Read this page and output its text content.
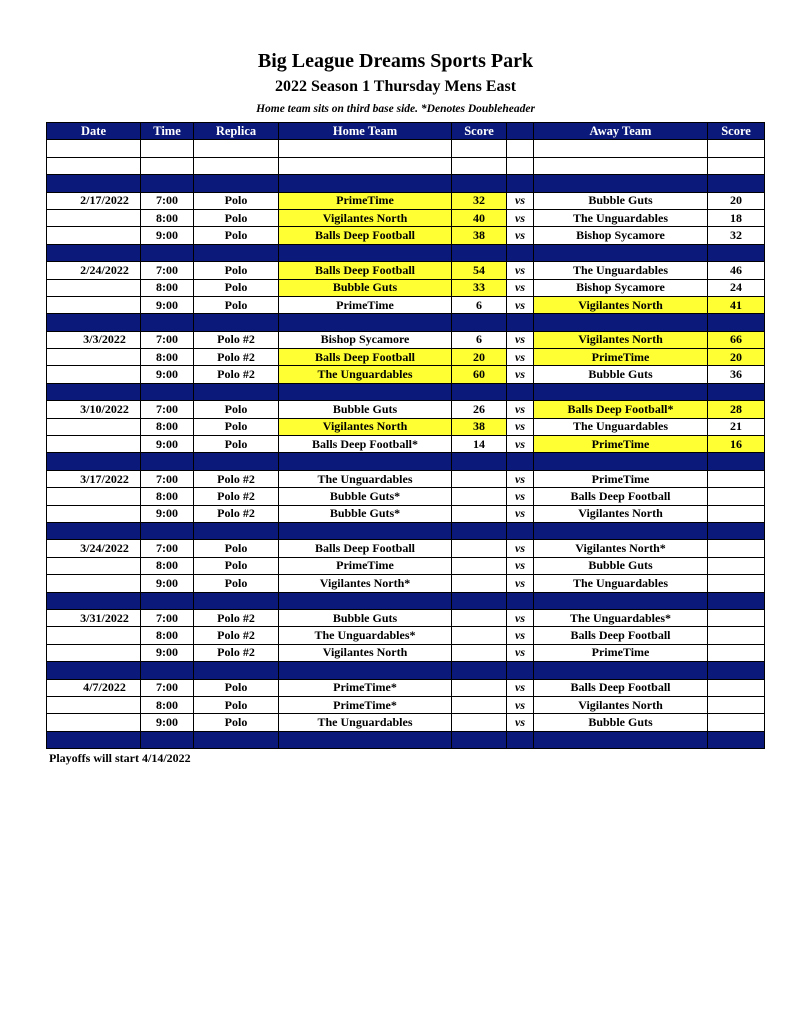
Big League Dreams Sports Park
2022 Season 1 Thursday Mens East
Home team sits on third base side. *Denotes Doubleheader
Date	Time	Replica	Home Team	Score		Away Team	Score

2/17/2022	7:00	Polo	PrimeTime	32	vs	Bubble Guts	20
	8:00	Polo	Vigilantes North	40	vs	The Unguardables	18
	9:00	Polo	Balls Deep Football	38	vs	Bishop Sycamore	32

2/24/2022	7:00	Polo	Balls Deep Football	54	vs	The Unguardables	46
	8:00	Polo	Bubble Guts	33	vs	Bishop Sycamore	24
	9:00	Polo	PrimeTime	6	vs	Vigilantes North	41

3/3/2022	7:00	Polo #2	Bishop Sycamore	6	vs	Vigilantes North	66
	8:00	Polo #2	Balls Deep Football	20	vs	PrimeTime	20
	9:00	Polo #2	The Unguardables	60	vs	Bubble Guts	36

3/10/2022	7:00	Polo	Bubble Guts	26	vs	Balls Deep Football*	28
	8:00	Polo	Vigilantes North	38	vs	The Unguardables	21
	9:00	Polo	Balls Deep Football*	14	vs	PrimeTime	16

3/17/2022	7:00	Polo #2	The Unguardables		vs	PrimeTime	
	8:00	Polo #2	Bubble Guts*		vs	Balls Deep Football	
	9:00	Polo #2	Bubble Guts*		vs	Vigilantes North	

3/24/2022	7:00	Polo	Balls Deep Football		vs	Vigilantes North*	
	8:00	Polo	PrimeTime		vs	Bubble Guts	
	9:00	Polo	Vigilantes North*		vs	The Unguardables	

3/31/2022	7:00	Polo #2	Bubble Guts		vs	The Unguardables*	
	8:00	Polo #2	The Unguardables*		vs	Balls Deep Football	
	9:00	Polo #2	Vigilantes North		vs	PrimeTime	

4/7/2022	7:00	Polo	PrimeTime*		vs	Balls Deep Football	
	8:00	Polo	PrimeTime*		vs	Vigilantes North	
	9:00	Polo	The Unguardables		vs	Bubble Guts	

Playoffs will start 4/14/2022
